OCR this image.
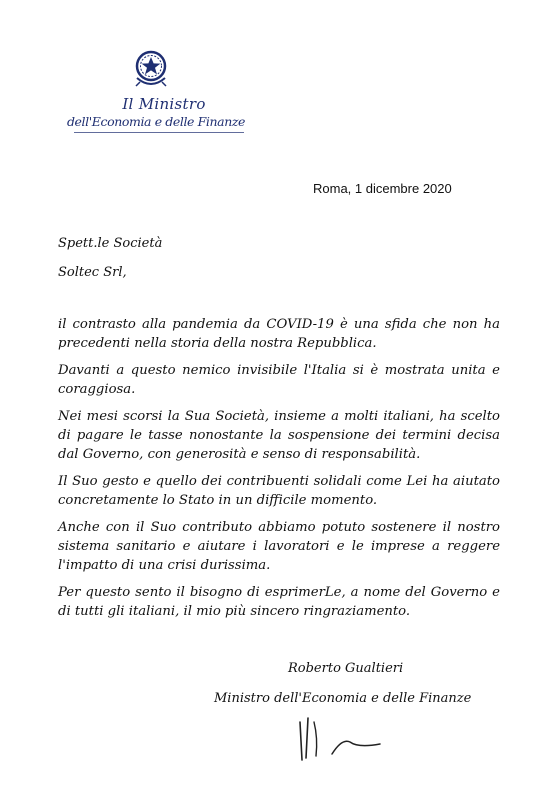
Il Ministro
dell'Economia e delle Finanze
Roma, 1 dicembre 2020
Spett.le Società
Soltec Srl,

il contrasto alla pandemia da COVID-19 è una sfida che non ha precedenti nella storia della nostra Repubblica.

Davanti a questo nemico invisibile l'Italia si è mostrata unita e coraggiosa.

Nei mesi scorsi la Sua Società, insieme a molti italiani, ha scelto di pagare le tasse nonostante la sospensione dei termini decisa dal Governo, con generosità e senso di responsabilità.

Il Suo gesto e quello dei contribuenti solidali come Lei ha aiutato concretamente lo Stato in un difficile momento.

Anche con il Suo contributo abbiamo potuto sostenere il nostro sistema sanitario e aiutare i lavoratori e le imprese a reggere l'impatto di una crisi durissima.

Per questo sento il bisogno di esprimerLe, a nome del Governo e di tutti gli italiani, il mio più sincero ringraziamento.

Roberto Gualtieri
Ministro dell'Economia e delle Finanze
